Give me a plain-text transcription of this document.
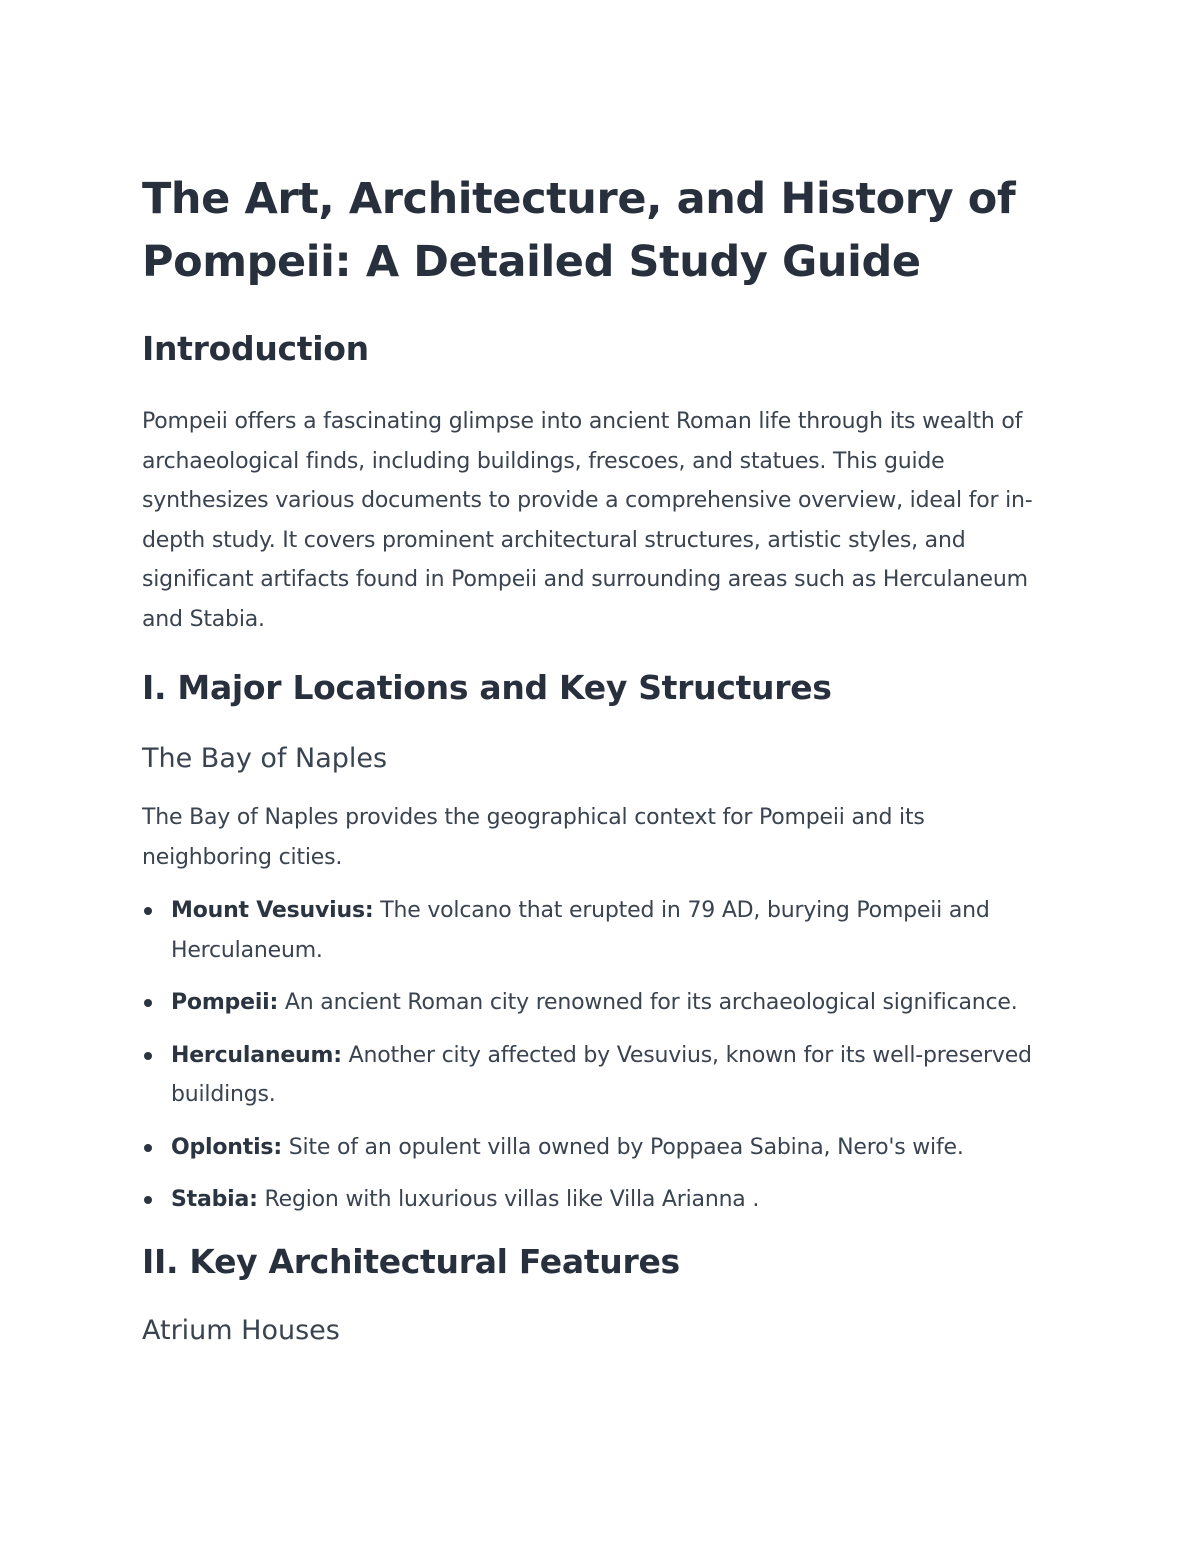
The Art, Architecture, and History of Pompeii: A Detailed Study Guide
Introduction

Pompeii offers a fascinating glimpse into ancient Roman life through its wealth of archaeological finds, including buildings, frescoes, and statues. This guide synthesizes various documents to provide a comprehensive overview, ideal for in-depth study. It covers prominent architectural structures, artistic styles, and significant artifacts found in Pompeii and surrounding areas such as Herculaneum and Stabia.

I. Major Locations and Key Structures
The Bay of Naples

The Bay of Naples provides the geographical context for Pompeii and its neighboring cities.

Mount Vesuvius: The volcano that erupted in 79 AD, burying Pompeii and Herculaneum.
Pompeii: An ancient Roman city renowned for its archaeological significance.
Herculaneum: Another city affected by Vesuvius, known for its well-preserved buildings.
Oplontis: Site of an opulent villa owned by Poppaea Sabina, Nero's wife.
Stabia: Region with luxurious villas like Villa Arianna .
II. Key Architectural Features
Atrium Houses
